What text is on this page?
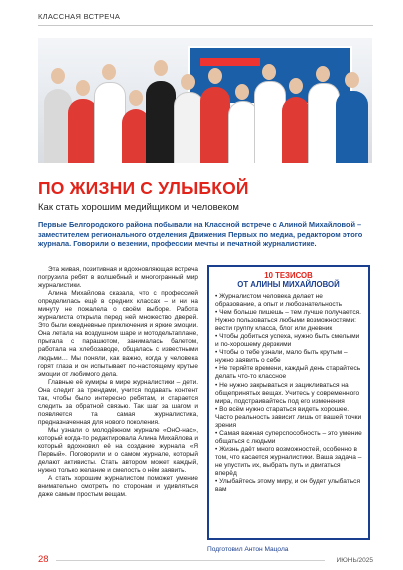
КЛАССНАЯ ВСТРЕЧА
ПО ЖИЗНИ С УЛЫБКОЙ
Как стать хорошим медийщиком и человеком
Первые Белгородского района побывали на Классной встрече с Алиной Михайловой – заместителем регионального отделения Движения Первых по медиа, редактором этого журнала. Говорили о везении, профессии мечты и печатной журналистике.

Эта живая, позитивная и вдохновляющая встреча погрузила ребят в волшебный и многогранный мир журналистики.

Алина Михайлова сказала, что с профессией определилась ещё в средних классах – и ни на минуту не пожалела о своём выборе. Работа журналиста открыла перед ней множество дверей. Это были ежедневные приключения и яркие эмоции. Она летала на воздушном шаре и мотодельтаплане, прыгала с парашютом, занималась балетом, работала на хлебозаводе, общалась с известными людьми… Мы поняли, как важно, когда у человека горят глаза и он испытывает по-настоящему крутые эмоции от любимого дела.

Главные её кумиры в мире журналистики – дети. Она следит за трендами, учится подавать контент так, чтобы было интересно ребятам, и старается следить за обратной связью. Так шаг за шагом и появляется та самая журналистика, предназначенная для нового поколения.

Мы узнали о молодёжном журнале «ОнО-нас», который когда-то редактировала Алина Михайлова и который вдохновил её на создание журнала «Я Первый». Поговорили и о самом журнале, который делают активисты. Стать автором может каждый, нужно только желание и смелость о нём заявить.

А стать хорошим журналистом поможет умение внимательно смотреть по сторонам и удивляться даже самым простым вещам.

10 ТЕЗИСОВ
ОТ АЛИНЫ МИХАЙЛОВОЙ
• Журналистом человека делает не образование, а опыт и любознательность
• Чем больше пишешь – тем лучше получается. Нужно пользоваться любыми возможностями: вести группу класса, блог или дневник
• Чтобы добиться успеха, нужно быть смелыми и по-хорошему дерзкими
• Чтобы о тебе узнали, мало быть крутым – нужно заявить о себе
• Не теряйте времени, каждый день старайтесь делать что-то классное
• Не нужно закрываться и зацикливаться на общепринятых вещах. Учитесь у современного мира, подстраивайтесь под его изменения
• Во всём нужно стараться видеть хорошее. Часто реальность зависит лишь от вашей точки зрения
• Самая важная суперспособность – это умение общаться с людьми
• Жизнь даёт много возможностей, особенно в том, что касается журналистики. Ваша задача – не упустить их, выбрать путь и двигаться вперёд
• Улыбайтесь этому миру, и он будет улыбаться вам
Подготовил Антон Мацола
28	ИЮНЬ/2025
